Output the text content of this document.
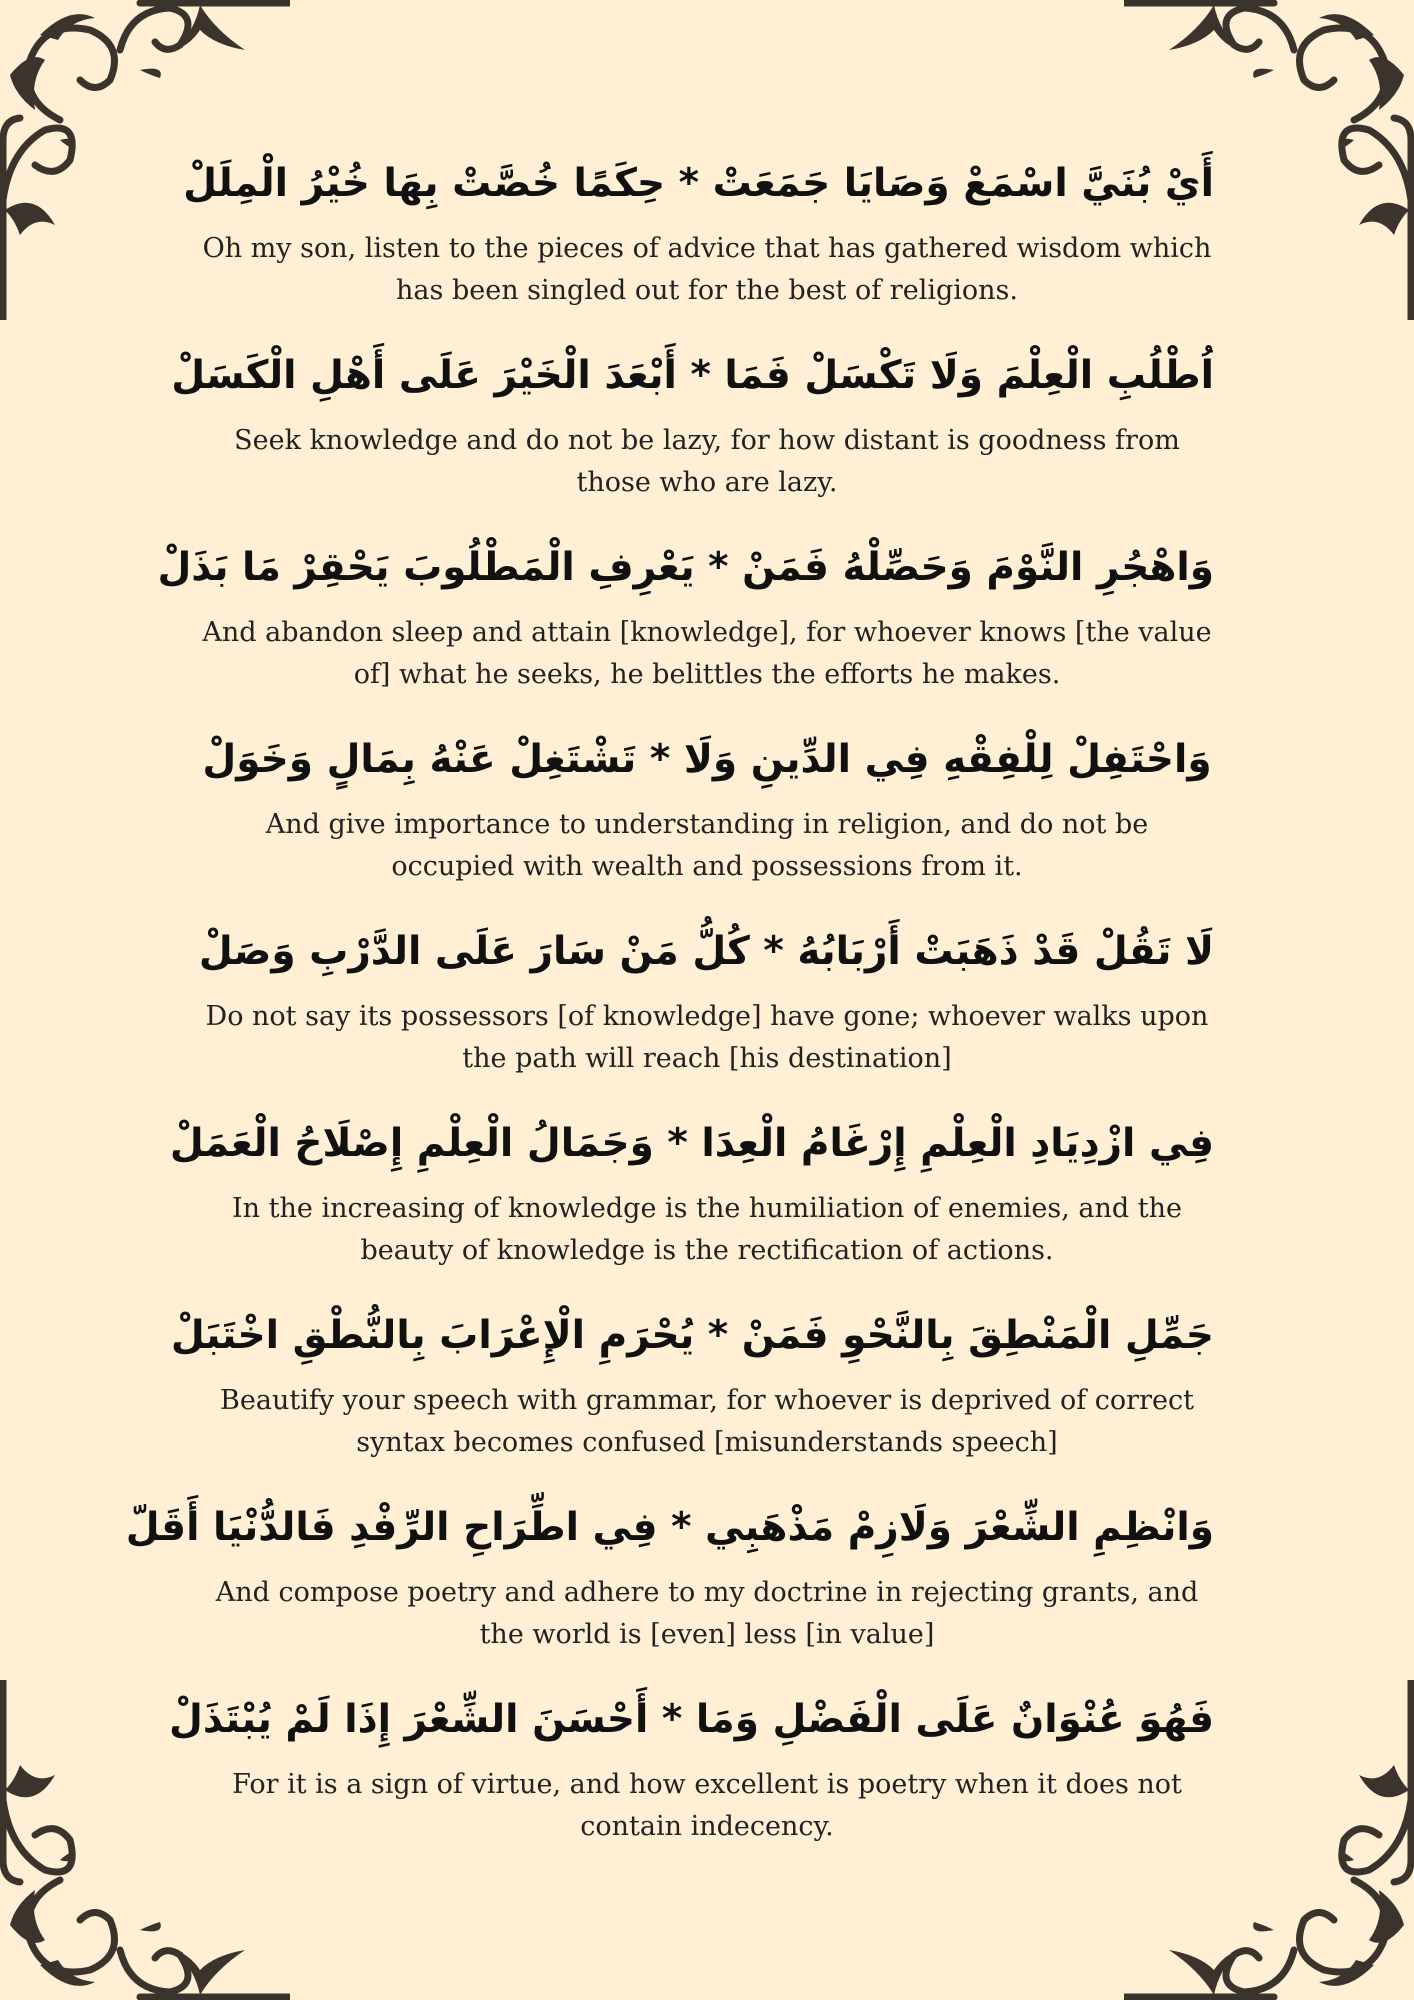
أَيْ بُنَيَّ اسْمَعْ وَصَايَا جَمَعَتْ * حِكَمًا خُصَّتْ بِهَا خُيْرُ الْمِلَلْ
Oh my son, listen to the pieces of advice that has gathered wisdom which has been singled out for the best of religions.
اُطْلُبِ الْعِلْمَ وَلَا تَكْسَلْ فَمَا * أَبْعَدَ الْخَيْرَ عَلَى أَهْلِ الْكَسَلْ
Seek knowledge and do not be lazy, for how distant is goodness from those who are lazy.
وَاهْجُرِ النَّوْمَ وَحَصِّلْهُ فَمَنْ * يَعْرِفِ الْمَطْلُوبَ يَحْقِرْ مَا بَذَلْ
And abandon sleep and attain [knowledge], for whoever knows [the value of] what he seeks, he belittles the efforts he makes.
وَاحْتَفِلْ لِلْفِقْهِ فِي الدِّينِ وَلَا * تَشْتَغِلْ عَنْهُ بِمَالٍ وَخَوَلْ
And give importance to understanding in religion, and do not be occupied with wealth and possessions from it.
لَا تَقُلْ قَدْ ذَهَبَتْ أَرْبَابُهُ * كُلُّ مَنْ سَارَ عَلَى الدَّرْبِ وَصَلْ
Do not say its possessors [of knowledge] have gone; whoever walks upon the path will reach [his destination]
فِي ازْدِيَادِ الْعِلْمِ إِرْغَامُ الْعِدَا * وَجَمَالُ الْعِلْمِ إِصْلَاحُ الْعَمَلْ
In the increasing of knowledge is the humiliation of enemies, and the beauty of knowledge is the rectification of actions.
جَمِّلِ الْمَنْطِقَ بِالنَّحْوِ فَمَنْ * يُحْرَمِ الْإِعْرَابَ بِالنُّطْقِ اخْتَبَلْ
Beautify your speech with grammar, for whoever is deprived of correct syntax becomes confused [misunderstands speech]
وَانْظِمِ الشِّعْرَ وَلَازِمْ مَذْهَبِي * فِي اطِّرَاحِ الرِّفْدِ فَالدُّنْيَا أَقَلّ
And compose poetry and adhere to my doctrine in rejecting grants, and the world is [even] less [in value]
فَهُوَ عُنْوَانٌ عَلَى الْفَضْلِ وَمَا * أَحْسَنَ الشِّعْرَ إِذَا لَمْ يُبْتَذَلْ
For it is a sign of virtue, and how excellent is poetry when it does not contain indecency.
